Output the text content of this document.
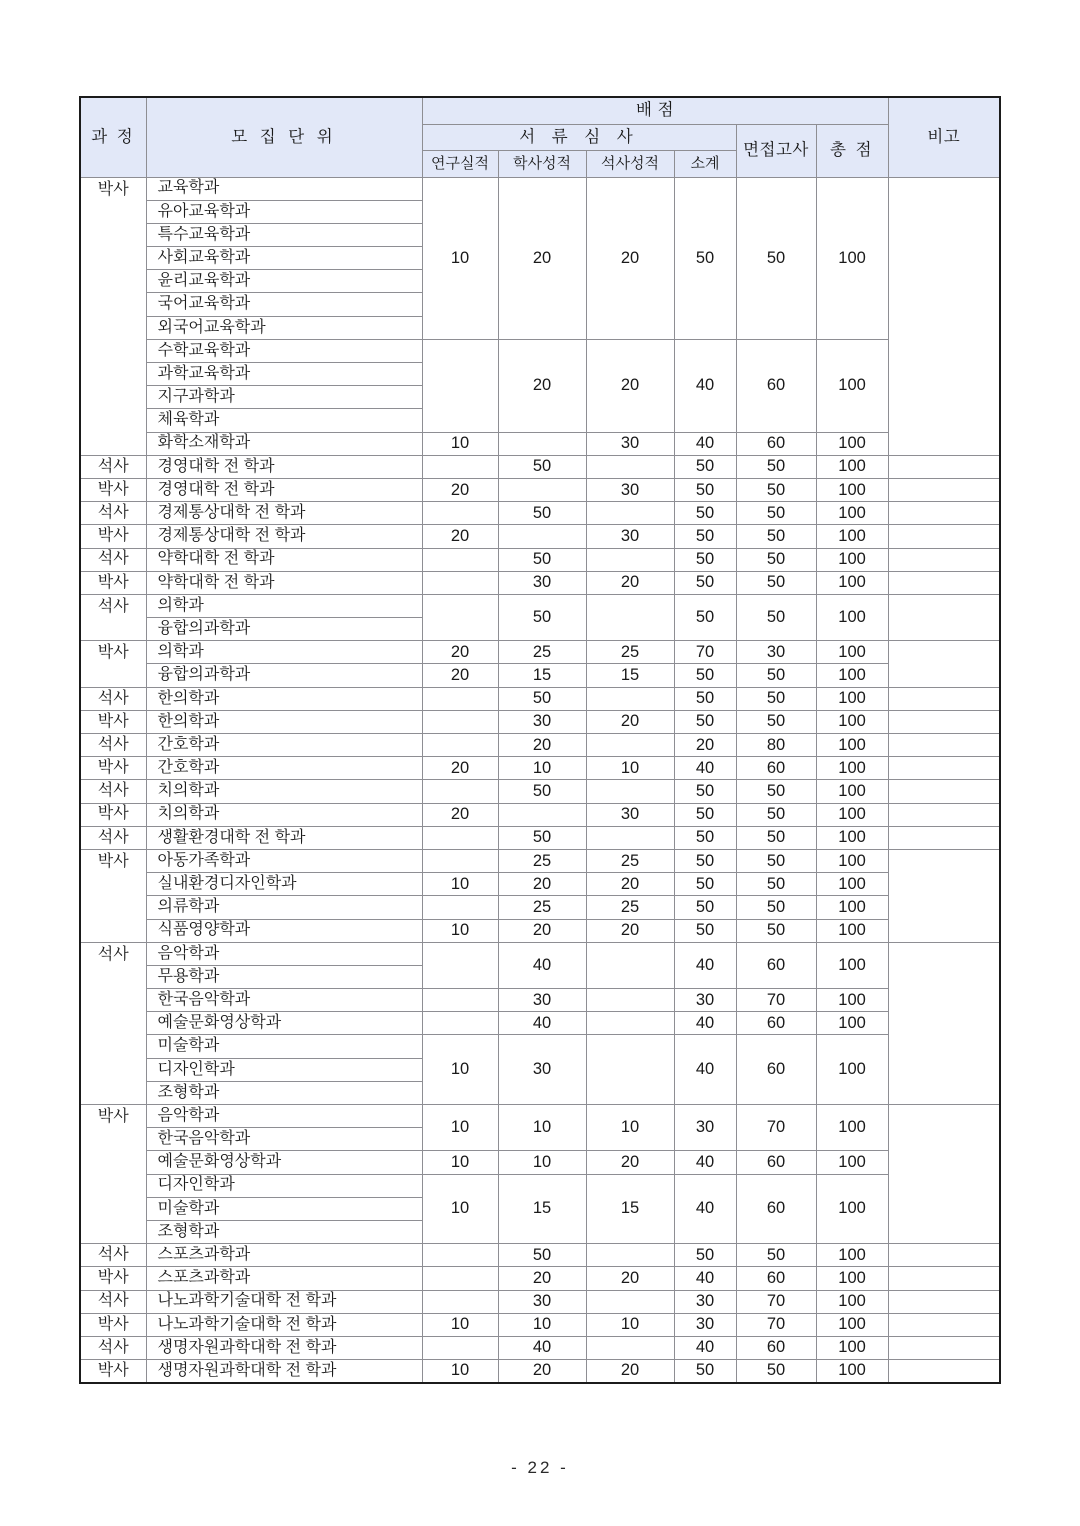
과 정	모 집 단 위	배 점						비고
		서 류 심 사				면접고사	총 점	
		연구실적	학사성적	석사성적	소계			
박사	교육학과	10	20	20	50	50	100	
	유아교육학과							
	특수교육학과							
	사회교육학과							
	윤리교육학과							
	국어교육학과							
	외국어교육학과							
	수학교육학과		20	20	40	60	100	
	과학교육학과							
	지구과학과							
	체육학과							
	화학소재학과	10		30	40	60	100	
석사	경영대학 전 학과		50		50	50	100	
박사	경영대학 전 학과	20		30	50	50	100	
석사	경제통상대학 전 학과		50		50	50	100	
박사	경제통상대학 전 학과	20		30	50	50	100	
석사	약학대학 전 학과		50		50	50	100	
박사	약학대학 전 학과		30	20	50	50	100	
석사	의학과		50		50	50	100	
	융합의과학과							
박사	의학과	20	25	25	70	30	100	
	융합의과학과	20	15	15	50	50	100	
석사	한의학과		50		50	50	100	
박사	한의학과		30	20	50	50	100	
석사	간호학과		20		20	80	100	
박사	간호학과	20	10	10	40	60	100	
석사	치의학과		50		50	50	100	
박사	치의학과	20		30	50	50	100	
석사	생활환경대학 전 학과		50		50	50	100	
박사	아동가족학과		25	25	50	50	100	
	실내환경디자인학과	10	20	20	50	50	100	
	의류학과		25	25	50	50	100	
	식품영양학과	10	20	20	50	50	100	
석사	음악학과		40		40	60	100	
	무용학과							
	한국음악학과		30		30	70	100	
	예술문화영상학과		40		40	60	100	
	미술학과	10	30		40	60	100	
	디자인학과							
	조형학과							
박사	음악학과	10	10	10	30	70	100	
	한국음악학과							
	예술문화영상학과	10	10	20	40	60	100	
	디자인학과	10	15	15	40	60	100	
	미술학과							
	조형학과							
석사	스포츠과학과		50		50	50	100	
박사	스포츠과학과		20	20	40	60	100	
석사	나노과학기술대학 전 학과		30		30	70	100	
박사	나노과학기술대학 전 학과	10	10	10	30	70	100	
석사	생명자원과학대학 전 학과		40		40	60	100	
박사	생명자원과학대학 전 학과	10	20	20	50	50	100	
- 22 -
